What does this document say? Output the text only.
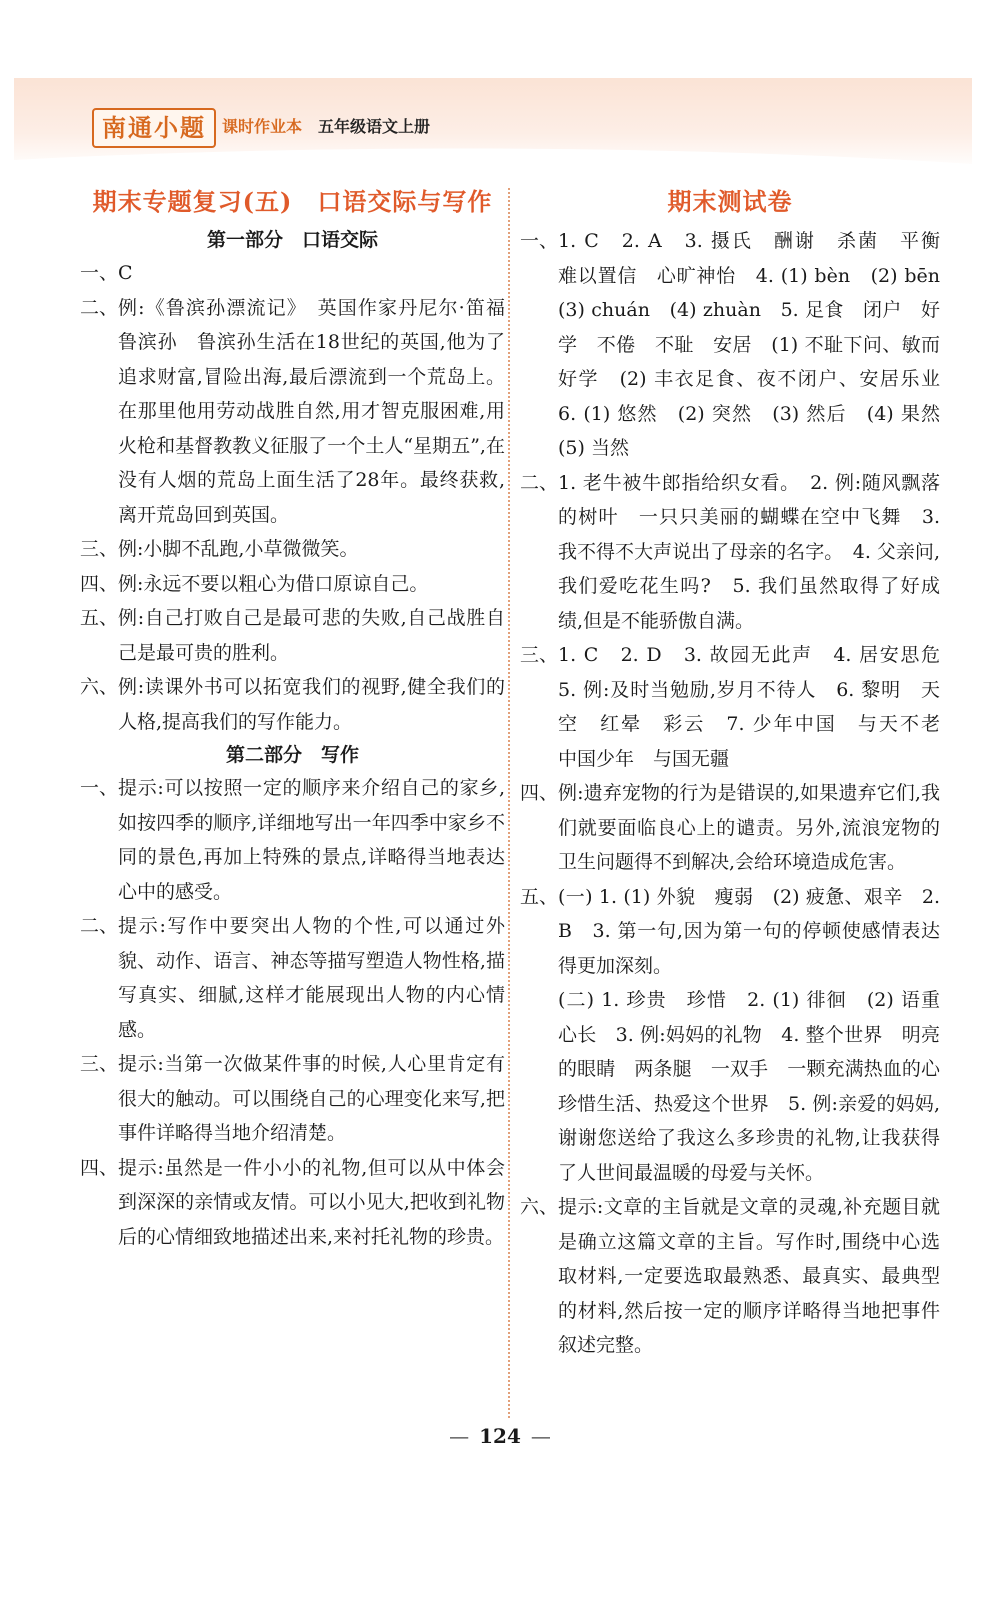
南通小题	课时作业本 五年级语文上册
期末专题复习(五)　口语交际与写作
第一部分　口语交际
一、 C
二、 例:《鲁滨孙漂流记》　英国作家丹尼尔·笛福　鲁滨孙　鲁滨孙生活在18世纪的英国,他为了追求财富,冒险出海,最后漂流到一个荒岛上。在那里他用劳动战胜自然,用才智克服困难,用火枪和基督教教义征服了一个土人“星期五”,在没有人烟的荒岛上面生活了28年。最终获救,离开荒岛回到英国。
三、 例:小脚不乱跑,小草微微笑。
四、 例:永远不要以粗心为借口原谅自己。
五、 例:自己打败自己是最可悲的失败,自己战胜自己是最可贵的胜利。
六、 例:读课外书可以拓宽我们的视野,健全我们的人格,提高我们的写作能力。
第二部分　写作
一、 提示:可以按照一定的顺序来介绍自己的家乡,如按四季的顺序,详细地写出一年四季中家乡不同的景色,再加上特殊的景点,详略得当地表达心中的感受。
二、 提示:写作中要突出人物的个性,可以通过外貌、动作、语言、神态等描写塑造人物性格,描写真实、细腻,这样才能展现出人物的内心情感。
三、 提示:当第一次做某件事的时候,人心里肯定有很大的触动。可以围绕自己的心理变化来写,把事件详略得当地介绍清楚。
四、 提示:虽然是一件小小的礼物,但可以从中体会到深深的亲情或友情。可以小见大,把收到礼物后的心情细致地描述出来,来衬托礼物的珍贵。
期末测试卷
一、 1. C　2. A　3. 摄氏　酬谢　杀菌　平衡　难以置信　心旷神怡　4. (1) bèn　(2) bēn　(3) chuán　(4) zhuàn　5. 足食　闭户　好学　不倦　不耻　安居　(1) 不耻下问、敏而好学　(2) 丰衣足食、夜不闭户、安居乐业　6. (1) 悠然　(2) 突然　(3) 然后　(4) 果然　(5) 当然
二、 1. 老牛被牛郎指给织女看。　2. 例:随风飘落的树叶　一只只美丽的蝴蝶在空中飞舞　3. 我不得不大声说出了母亲的名字。　4. 父亲问,我们爱吃花生吗?　5. 我们虽然取得了好成绩,但是不能骄傲自满。
三、 1. C　2. D　3. 故园无此声　4. 居安思危　5. 例:及时当勉励,岁月不待人　6. 黎明　天空　红晕　彩云　7. 少年中国　与天不老　中国少年　与国无疆
四、 例:遗弃宠物的行为是错误的,如果遗弃它们,我们就要面临良心上的谴责。另外,流浪宠物的卫生问题得不到解决,会给环境造成危害。
五、 (一) 1. (1) 外貌　瘦弱　(2) 疲惫、艰辛　2. B　3. 第一句,因为第一句的停顿使感情表达得更加深刻。
(二) 1. 珍贵　珍惜　2. (1) 徘徊　(2) 语重心长　3. 例:妈妈的礼物　4. 整个世界　明亮的眼睛　两条腿　一双手　一颗充满热血的心　珍惜生活、热爱这个世界　5. 例:亲爱的妈妈,谢谢您送给了我这么多珍贵的礼物,让我获得了人世间最温暖的母爱与关怀。
六、 提示:文章的主旨就是文章的灵魂,补充题目就是确立这篇文章的主旨。写作时,围绕中心选取材料,一定要选取最熟悉、最真实、最典型的材料,然后按一定的顺序详略得当地把事件叙述完整。
— 124 —
